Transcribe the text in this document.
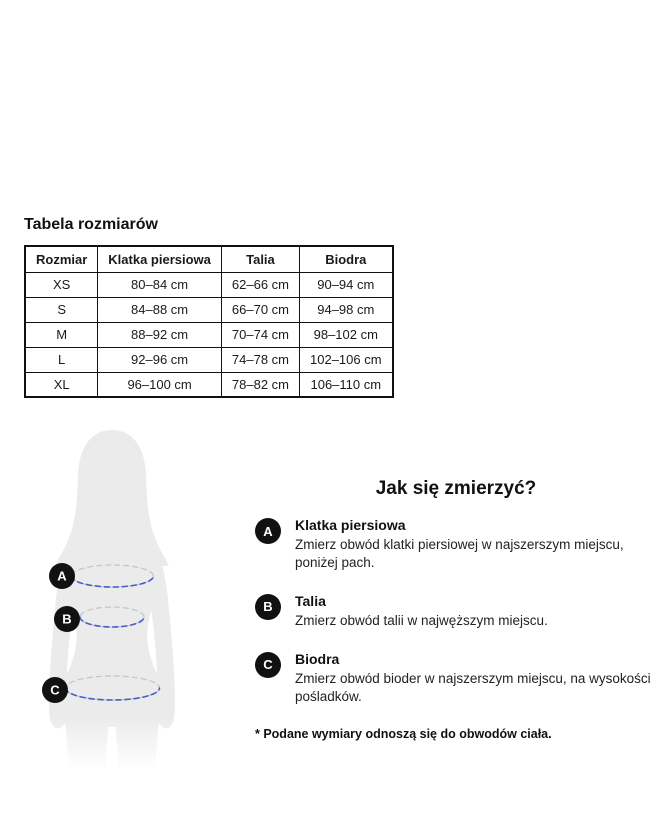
Tabela rozmiarów
Rozmiar	Klatka piersiowa	Talia	Biodra
XS	80–84 cm	62–66 cm	90–94 cm
S	84–88 cm	66–70 cm	94–98 cm
M	88–92 cm	70–74 cm	98–102 cm
L	92–96 cm	74–78 cm	102–106 cm
XL	96–100 cm	78–82 cm	106–110 cm
A
B
C
Jak się zmierzyć?
A	Klatka piersiowa
Zmierz obwód klatki piersiowej w najszerszym miejscu, poniżej pach.
B	Talia
Zmierz obwód talii w najwęższym miejscu.
C	Biodra
Zmierz obwód bioder w najszerszym miejscu, na wysokości pośladków.
* Podane wymiary odnoszą się do obwodów ciała.
